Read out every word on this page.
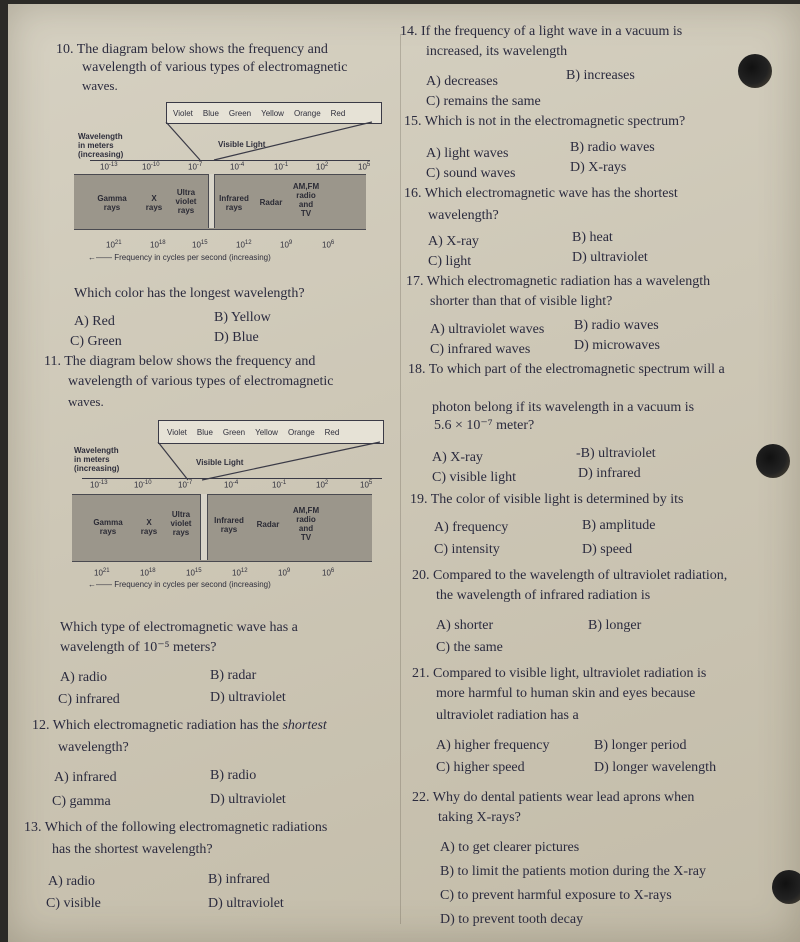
10. The diagram below shows the frequency and
wavelength of various types of electromagnetic
waves.
Violet Blue Green Yellow Orange Red
Wavelength
in meters
(increasing)
Visible Light
$10^{-13}$	$10^{-10}$	$10^{-7}$	$10^{-4}$	$10^{-1}$	$10^2$	$10^5$
Gamma
rays
X
rays
Ultra
violet
rays
Infrared
rays
Radar
AM,FM
radio
and
TV
$10^{21}$	$10^{18}$	$10^{15}$	$10^{12}$	$10^9$	$10^6$
←—— Frequency in cycles per second (increasing)
Which color has the longest wavelength?
A) Red	B) Yellow
C) Green	D) Blue
11. The diagram below shows the frequency and
wavelength of various types of electromagnetic
waves.
Violet Blue Green Yellow Orange Red
Wavelength
in meters
(increasing)
Visible Light
$10^{-13}$	$10^{-10}$	$10^{-7}$	$10^{-4}$	$10^{-1}$	$10^2$	$10^5$
Gamma
rays
X
rays
Ultra
violet
rays
Infrared
rays
Radar
AM,FM
radio
and
TV
$10^{21}$	$10^{18}$	$10^{15}$	$10^{12}$	$10^9$	$10^6$
←—— Frequency in cycles per second (increasing)
Which type of electromagnetic wave has a
wavelength of 10⁻⁵ meters?
A) radio	B) radar
C) infrared	D) ultraviolet
12. Which electromagnetic radiation has the shortest
wavelength?
A) infrared	B) radio
C) gamma	D) ultraviolet
13. Which of the following electromagnetic radiations
has the shortest wavelength?
A) radio	B) infrared
C) visible	D) ultraviolet
14. If the frequency of a light wave in a vacuum is
increased, its wavelength
A) decreases	B) increases
C) remains the same
15. Which is not in the electromagnetic spectrum?
A) light waves	B) radio waves
C) sound waves	D) X-rays
16. Which electromagnetic wave has the shortest
wavelength?
A) X-ray	B) heat
C) light	D) ultraviolet
17. Which electromagnetic radiation has a wavelength
shorter than that of visible light?
A) ultraviolet waves B) radio waves
C) infrared waves	D) microwaves
18. To which part of the electromagnetic spectrum will a
photon belong if its wavelength in a vacuum is
5.6 × 10⁻⁷ meter?
A) X-ray	-B) ultraviolet
C) visible light	D) infrared
19. The color of visible light is determined by its
A) frequency	B) amplitude
C) intensity	D) speed
20. Compared to the wavelength of ultraviolet radiation,
the wavelength of infrared radiation is
A) shorter	B) longer
C) the same
21. Compared to visible light, ultraviolet radiation is
more harmful to human skin and eyes because
ultraviolet radiation has a
A) higher frequency	B) longer period
C) higher speed	D) longer wavelength
22. Why do dental patients wear lead aprons when
taking X-rays?
A) to get clearer pictures
B) to limit the patients motion during the X-ray
C) to prevent harmful exposure to X-rays
D) to prevent tooth decay
